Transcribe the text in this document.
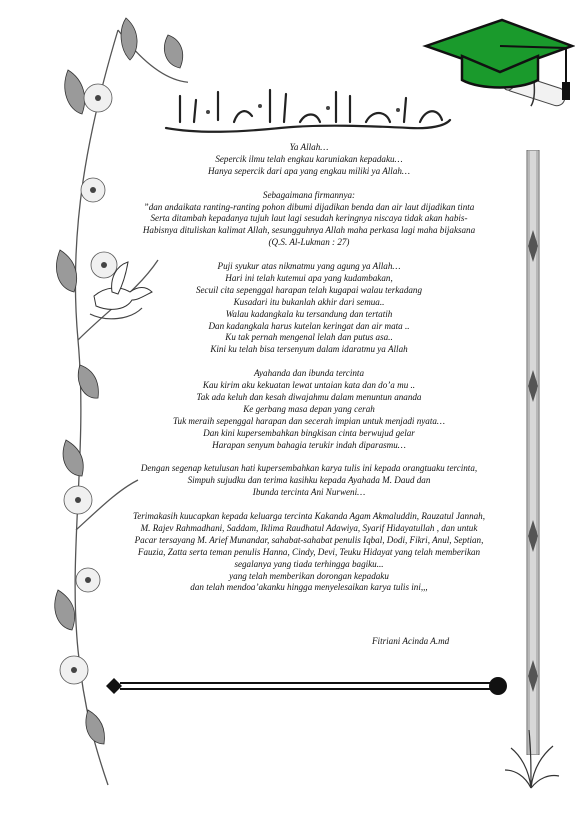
Ya Allah…
Sepercik ilmu telah engkau karuniakan kepadaku…
Hanya sepercik dari apa yang engkau miliki ya Allah…
Sebagaimana firmannya:
”dan andaikata ranting-ranting pohon dibumi dijadikan benda dan air laut dijadikan tinta
Serta ditambah kepadanya tujuh laut lagi sesudah keringnya niscaya tidak akan habis-
Habisnya dituliskan kalimat Allah, sesungguhnya Allah maha perkasa lagi maha bijaksana
(Q.S. Al-Lukman : 27)
Puji syukur atas nikmatmu yang agung ya Allah…
Hari ini telah kutemui apa yang kudambakan,
Secuil cita sepenggal harapan telah kugapai walau terkadang
Kusadari itu bukanlah akhir dari semua..
Walau kadangkala ku tersandung dan tertatih
Dan kadangkala harus kutelan keringat dan air mata ..
Ku tak pernah mengenal lelah dan putus asa..
Kini ku telah bisa tersenyum dalam idaratmu ya Allah
Ayahanda dan ibunda tercinta
Kau kirim aku kekuatan lewat untaian kata dan do’a mu ..
Tak ada keluh dan kesah diwajahmu dalam menuntun ananda
Ke gerbang masa depan yang cerah
Tuk meraih sepenggal harapan dan secerah impian untuk menjadi nyata…
Dan kini kupersembahkan bingkisan cinta berwujud gelar
Harapan senyum bahagia terukir indah diparasmu…
Dengan segenap ketulusan hati kupersembahkan karya tulis ini kepada orangtuaku tercinta,
Simpuh sujudku dan terima kasihku kepada Ayahada M. Daud dan
Ibunda tercinta Ani Nurweni…
Terimakasih kuucapkan kepada keluarga tercinta Kakanda Agam Akmaluddin, Rauzatul Jannah,
M. Rajev Rahmadhani, Saddam, Iklima Raudhatul Adawiya, Syarif Hidayatullah , dan untuk
Pacar tersayang M. Arief Munandar, sahabat-sahabat penulis Iqbal, Dodi, Fikri, Anul, Septian,
Fauzia, Zatta serta teman penulis Hanna, Cindy, Devi, Teuku Hidayat yang telah memberikan
segalanya yang tiada terhingga bagiku...
yang telah memberikan dorongan kepadaku
dan telah mendoa’akanku hingga menyelesaikan karya tulis ini,,,
Fitriani Acinda A.md
